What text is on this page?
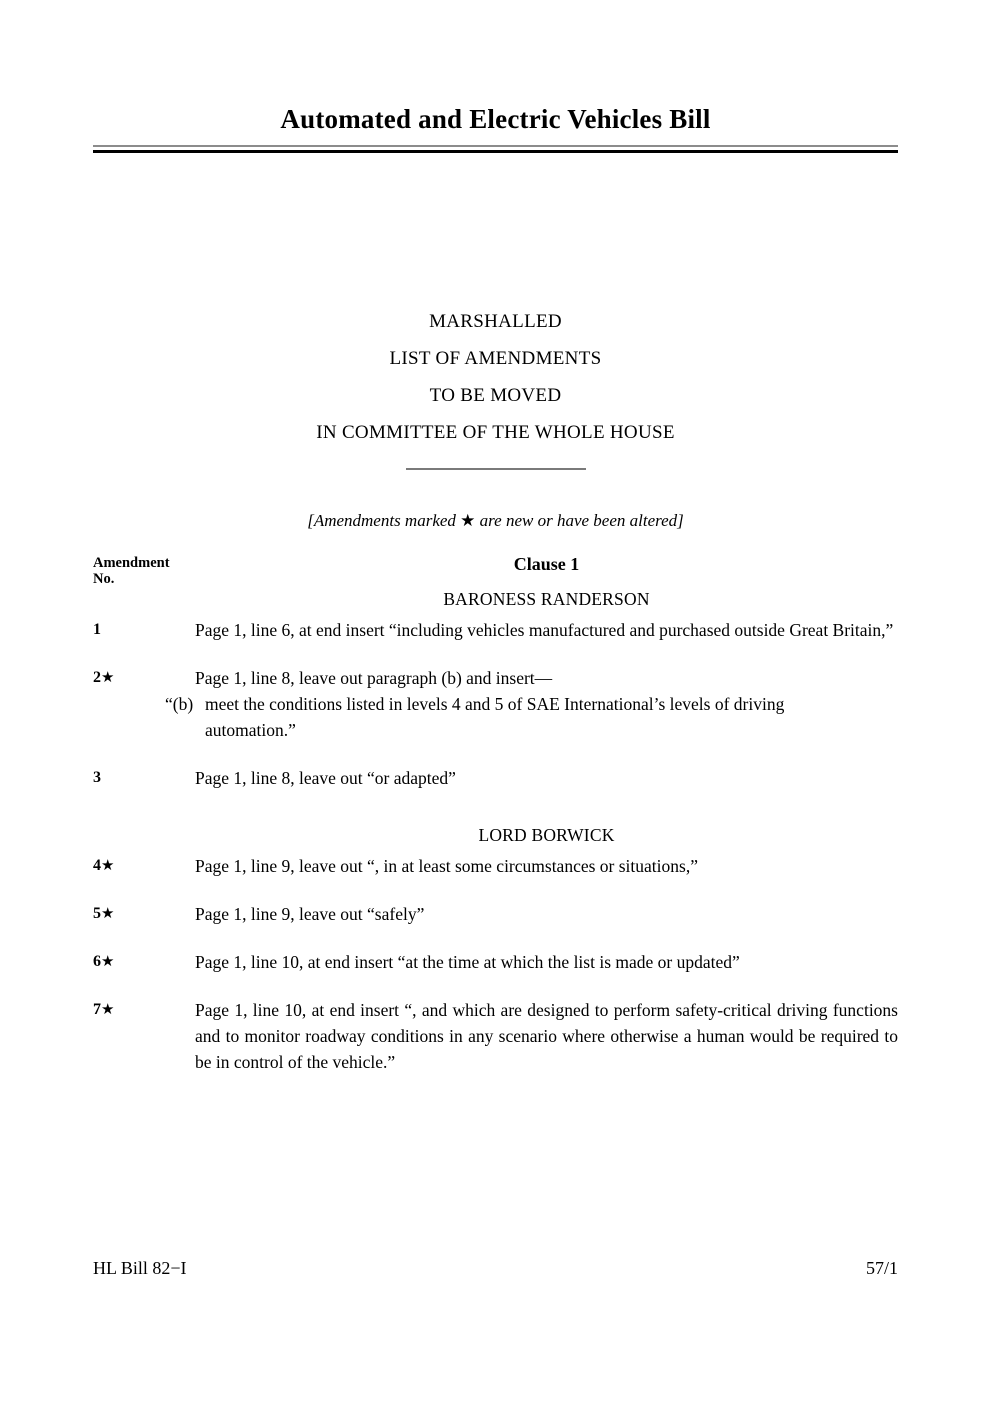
Automated and Electric Vehicles Bill
MARSHALLED
LIST OF AMENDMENTS
TO BE MOVED
IN COMMITTEE OF THE WHOLE HOUSE
[Amendments marked ★ are new or have been altered]
Amendment
No.
Clause 1
BARONESS RANDERSON
1	Page 1, line 6, at end insert “including vehicles manufactured and purchased outside Great Britain,”
2★	Page 1, line 8, leave out paragraph (b) and insert—
“(b) meet the conditions listed in levels 4 and 5 of SAE International’s levels of driving automation.”
3	Page 1, line 8, leave out “or adapted”
LORD BORWICK
4★	Page 1, line 9, leave out “, in at least some circumstances or situations,”
5★	Page 1, line 9, leave out “safely”
6★	Page 1, line 10, at end insert “at the time at which the list is made or updated”
7★	Page 1, line 10, at end insert “, and which are designed to perform safety-critical driving functions and to monitor roadway conditions in any scenario where otherwise a human would be required to be in control of the vehicle.”
HL Bill 82−I	57/1
